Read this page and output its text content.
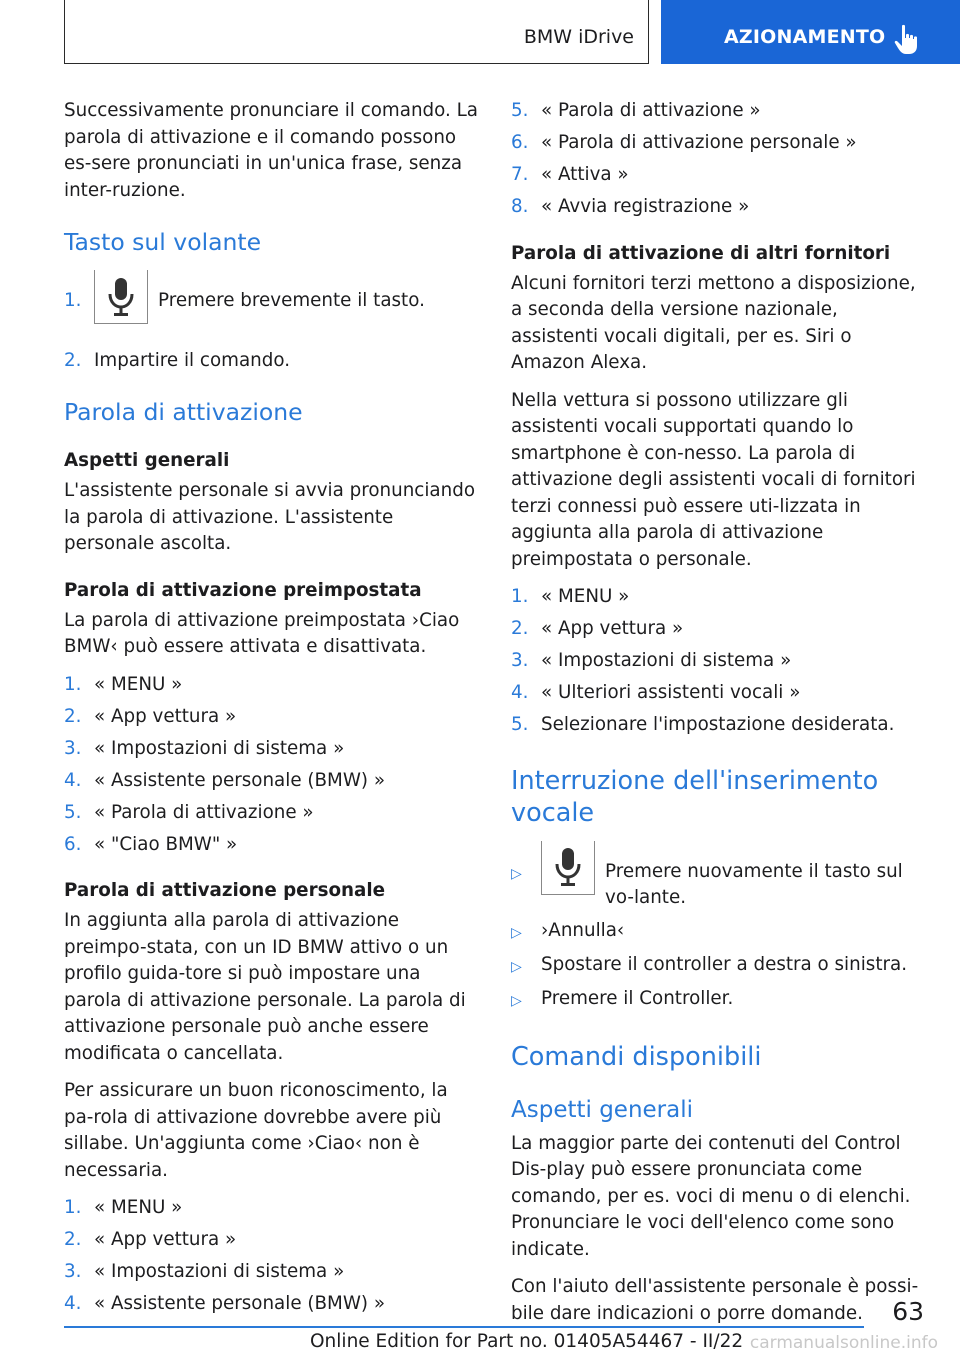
BMW iDrive	AZIONAMENTO

Successivamente pronunciare il comando. La parola di attivazione e il comando possono es-sere pronunciati in un'unica frase, senza inter-ruzione.

Tasto sul volante
1.	Premere brevemente il tasto.
2. Impartire il comando.
Parola di attivazione
Aspetti generali

L'assistente personale si avvia pronunciando la parola di attivazione. L'assistente personale ascolta.

Parola di attivazione preimpostata

La parola di attivazione preimpostata ›Ciao BMW‹ può essere attivata e disattivata.

1. « MENU »
2. « App vettura »
3. « Impostazioni di sistema »
4. « Assistente personale (BMW) »
5. « Parola di attivazione »
6. « "Ciao BMW" »
Parola di attivazione personale

In aggiunta alla parola di attivazione preimpo-stata, con un ID BMW attivo o un profilo guida-tore si può impostare una parola di attivazione personale. La parola di attivazione personale può anche essere modificata o cancellata.

Per assicurare un buon riconoscimento, la pa-rola di attivazione dovrebbe avere più sillabe. Un'aggiunta come ›Ciao‹ non è necessaria.

1. « MENU »
2. « App vettura »
3. « Impostazioni di sistema »
4. « Assistente personale (BMW) »
5. « Parola di attivazione »
6. « Parola di attivazione personale »
7. « Attiva »
8. « Avvia registrazione »
Parola di attivazione di altri fornitori

Alcuni fornitori terzi mettono a disposizione, a seconda della versione nazionale, assistenti vocali digitali, per es. Siri o Amazon Alexa.

Nella vettura si possono utilizzare gli assistenti vocali supportati quando lo smartphone è con-nesso. La parola di attivazione degli assistenti vocali di fornitori terzi connessi può essere uti-lizzata in aggiunta alla parola di attivazione preimpostata o personale.

1. « MENU »
2. « App vettura »
3. « Impostazioni di sistema »
4. « Ulteriori assistenti vocali »
5. Selezionare l'impostazione desiderata.
Interruzione dell'inserimento vocale
▷	Premere nuovamente il tasto sul vo-lante.
▷	›Annulla‹
▷	Spostare il controller a destra o sinistra.
▷	Premere il Controller.
Comandi disponibili
Aspetti generali

La maggior parte dei contenuti del Control Dis-play può essere pronunciata come comando, per es. voci di menu o di elenchi. Pronunciare le voci dell'elenco come sono indicate.

Con l'aiuto dell'assistente personale è possi-bile dare indicazioni o porre domande.	63
Online Edition for Part no. 01405A54467 - II/22 carmanualsonline.info
